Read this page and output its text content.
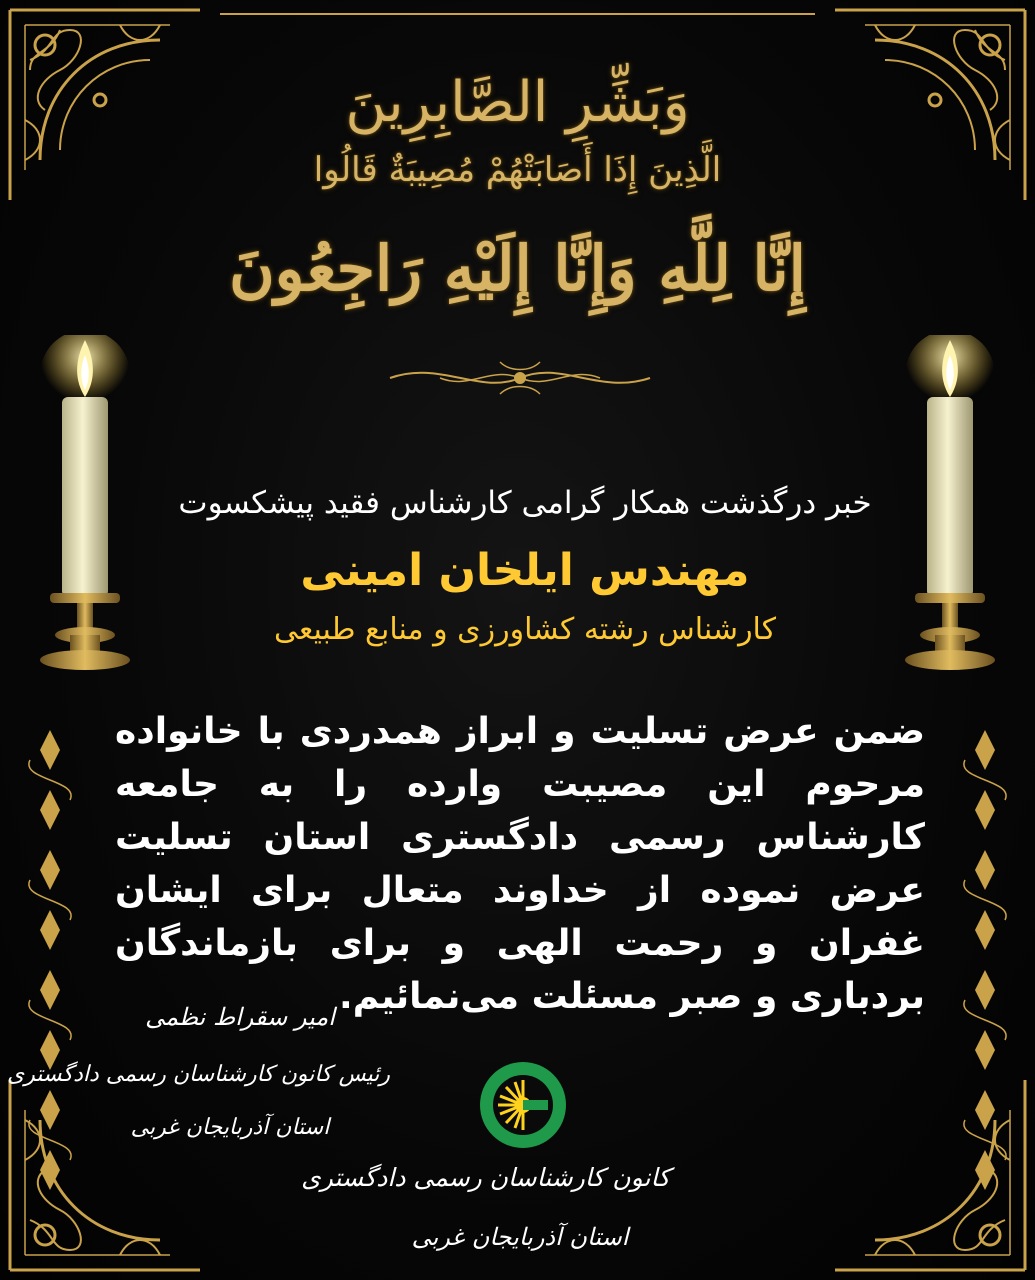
وَبَشِّرِ الصَّابِرِينَ
الَّذِينَ إِذَا أَصَابَتْهُمْ مُصِيبَةٌ قَالُوا
إِنَّا لِلَّهِ وَإِنَّا إِلَيْهِ رَاجِعُونَ
خبر درگذشت همکار گرامی کارشناس فقید پیشکسوت
مهندس ایلخان امینی
کارشناس رشته کشاورزی و منابع طبیعی
ضمن عرض تسلیت و ابراز همدردی با خانواده مرحوم این مصیبت وارده را به جامعه کارشناس رسمی دادگستری استان تسلیت عرض نموده از خداوند متعال برای ایشان غفران و رحمت الهی و برای بازماندگان بردباری و صبر مسئلت می‌نمائیم.
امیر سقراط نظمی
رئیس کانون کارشناسان رسمی دادگستری
استان آذربایجان غربی
کانون کارشناسان رسمی دادگستری
استان آذربایجان غربی
